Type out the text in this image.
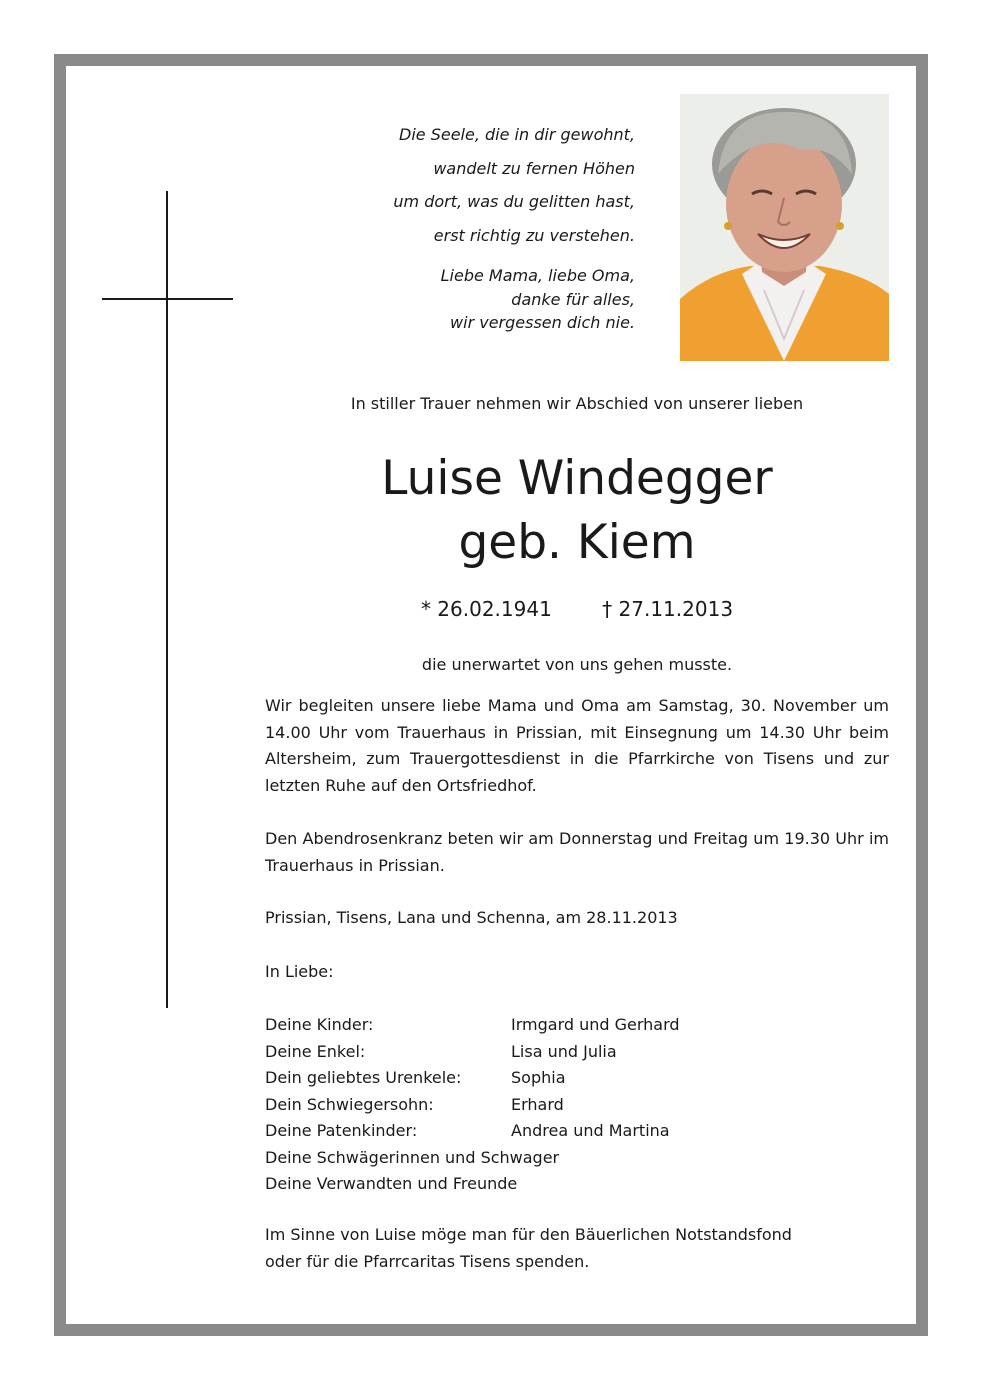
Die Seele, die in dir gewohnt,
wandelt zu fernen Höhen
um dort, was du gelitten hast,
erst richtig zu verstehen.
Liebe Mama, liebe Oma,
danke für alles,
wir vergessen dich nie.
In stiller Trauer nehmen wir Abschied von unserer lieben
Luise Windegger
geb. Kiem
* 26.02.1941	† 27.11.2013
die unerwartet von uns gehen musste.

Wir begleiten unsere liebe Mama und Oma am Samstag, 30. November um 14.00 Uhr vom Trauerhaus in Prissian, mit Einsegnung um 14.30 Uhr beim Altersheim, zum Trauergottesdienst in die Pfarrkirche von Tisens und zur letzten Ruhe auf den Ortsfriedhof.

Den Abendrosenkranz beten wir am Donnerstag und Freitag um 19.30 Uhr im Trauerhaus in Prissian.

Prissian, Tisens, Lana und Schenna, am 28.11.2013

In Liebe:

Deine Kinder:	Irmgard und Gerhard
Deine Enkel:	Lisa und Julia
Dein geliebtes Urenkele:	Sophia
Dein Schwiegersohn:	Erhard
Deine Patenkinder:	Andrea und Martina
Deine Schwägerinnen und Schwager
Deine Verwandten und Freunde
Im Sinne von Luise möge man für den Bäuerlichen Notstandsfond
oder für die Pfarrcaritas Tisens spenden.
